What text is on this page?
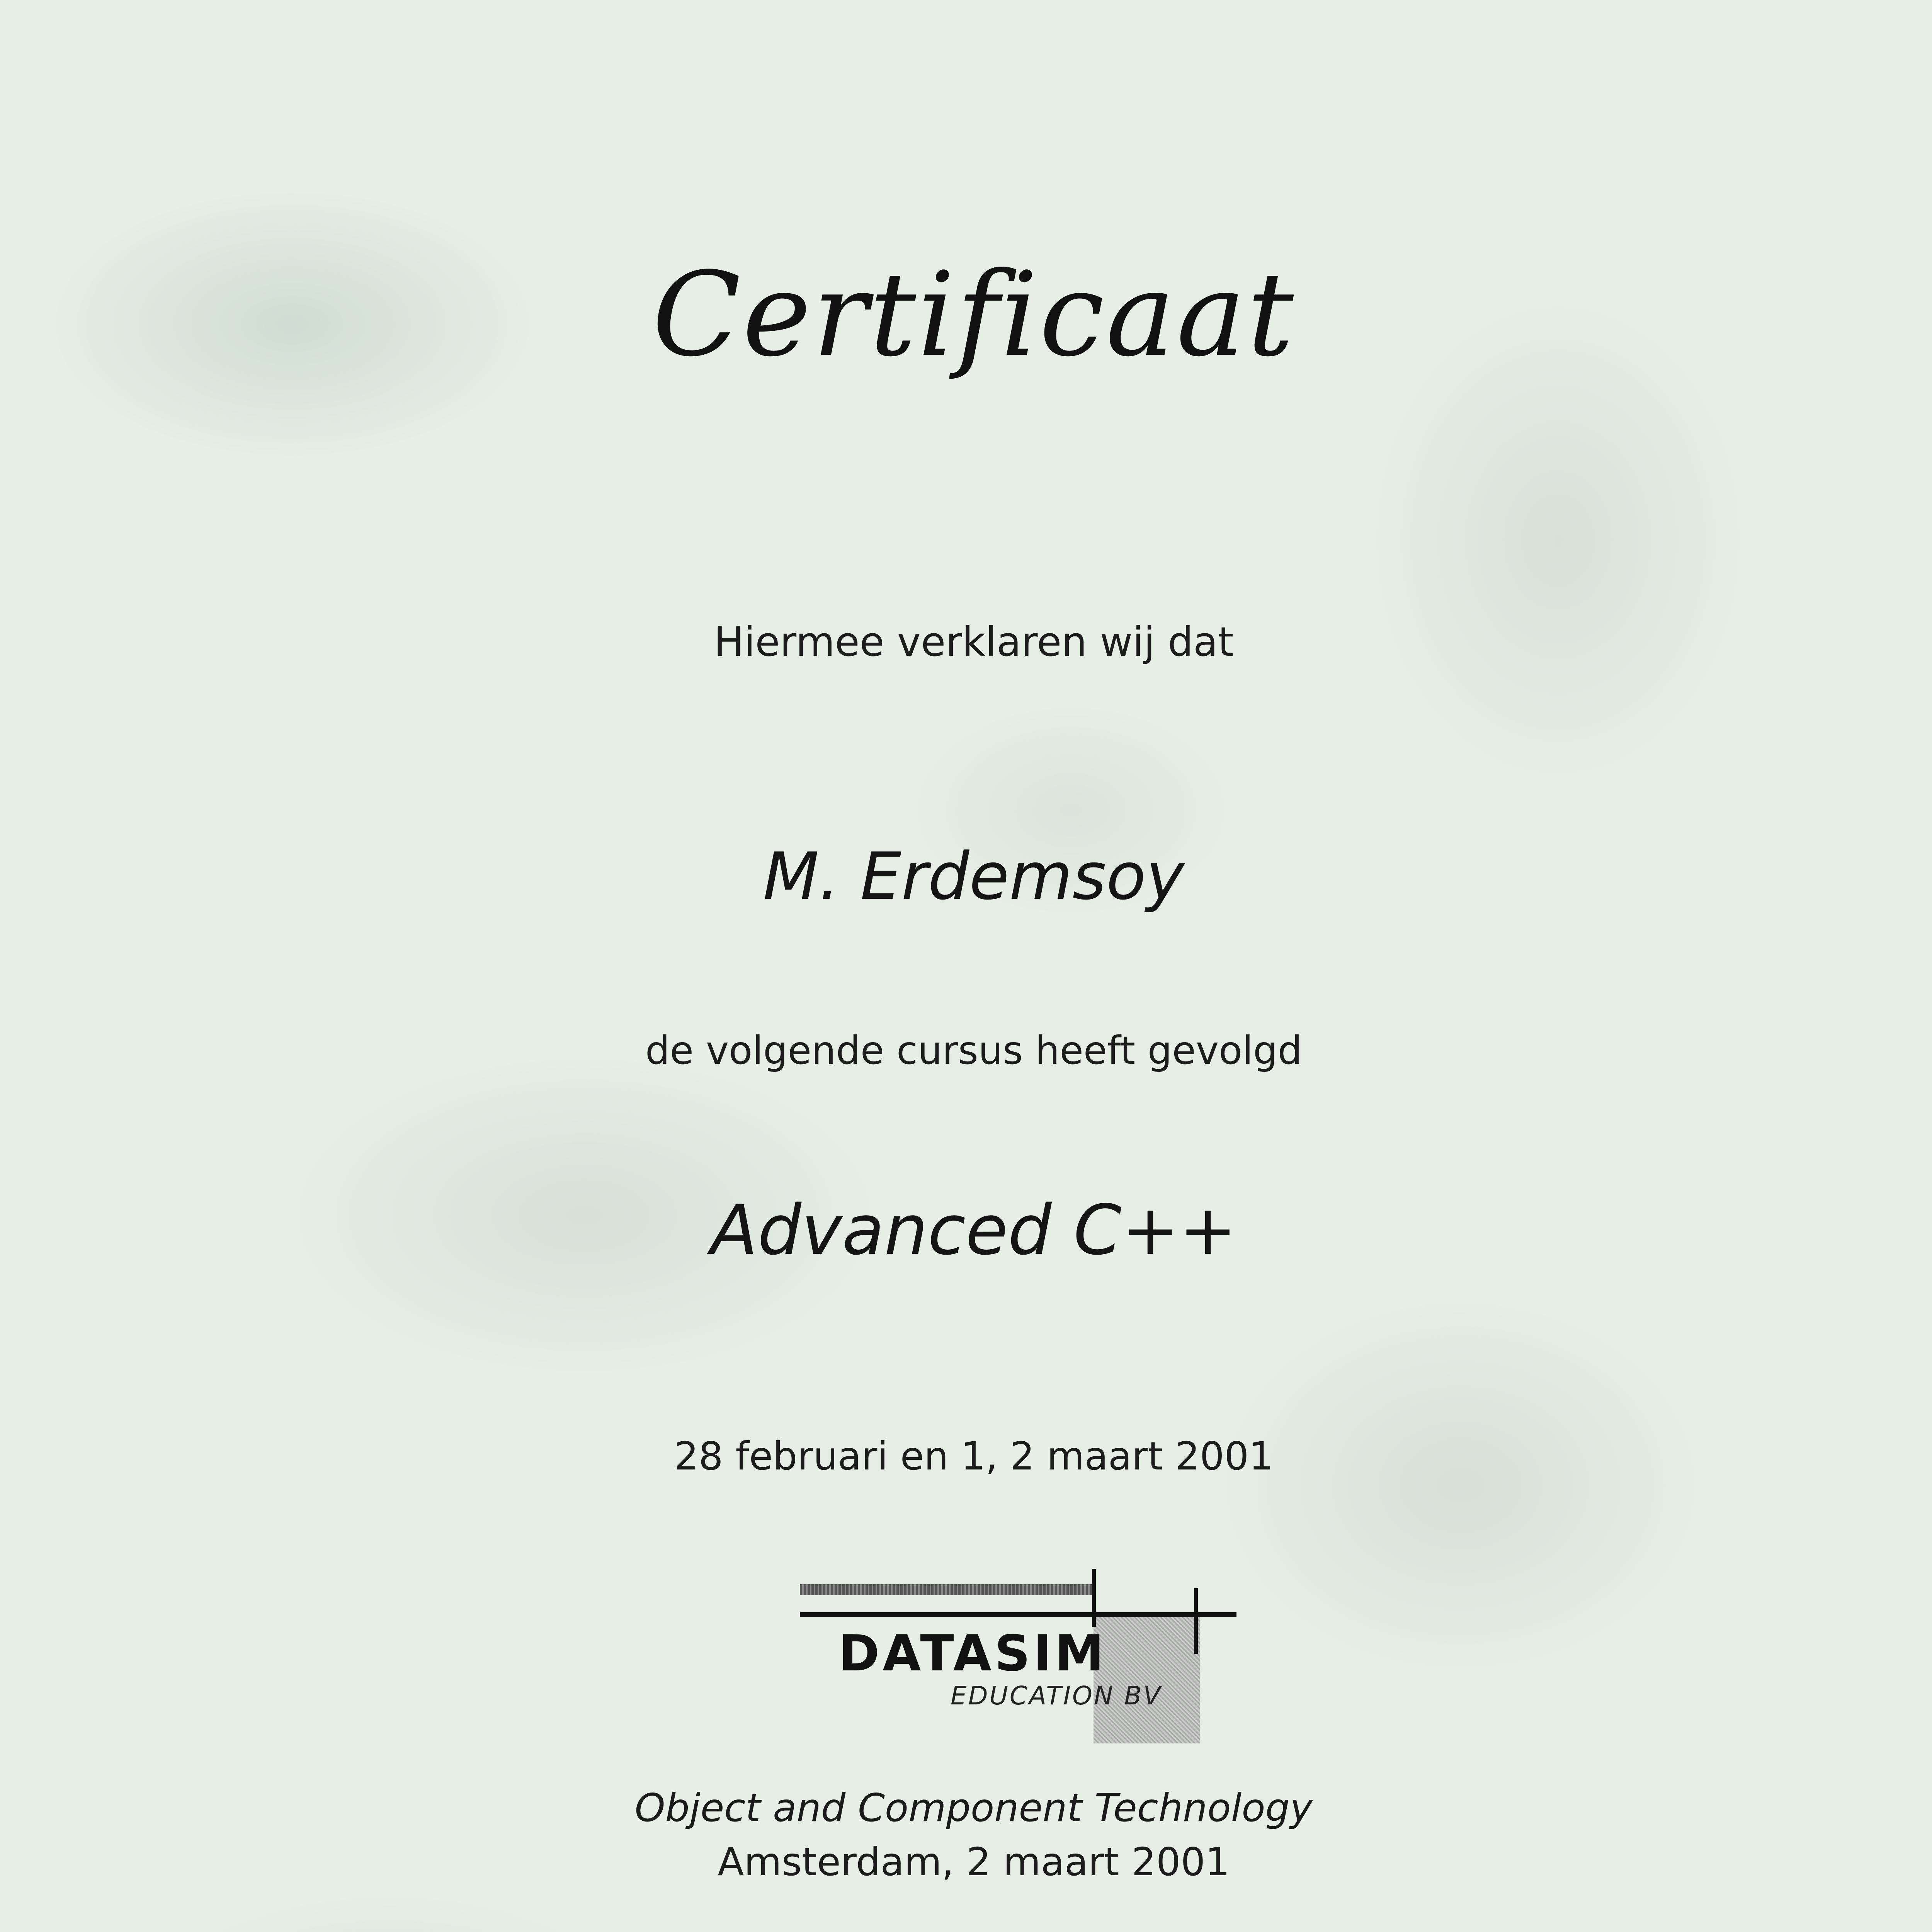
Certificaat
Hiermee verklaren wij dat
M. Erdemsoy
de volgende cursus heeft gevolgd
Advanced C++
28 februari en 1, 2 maart 2001
DATASIM
EDUCATION BV
Object and Component Technology
Amsterdam, 2 maart 2001
